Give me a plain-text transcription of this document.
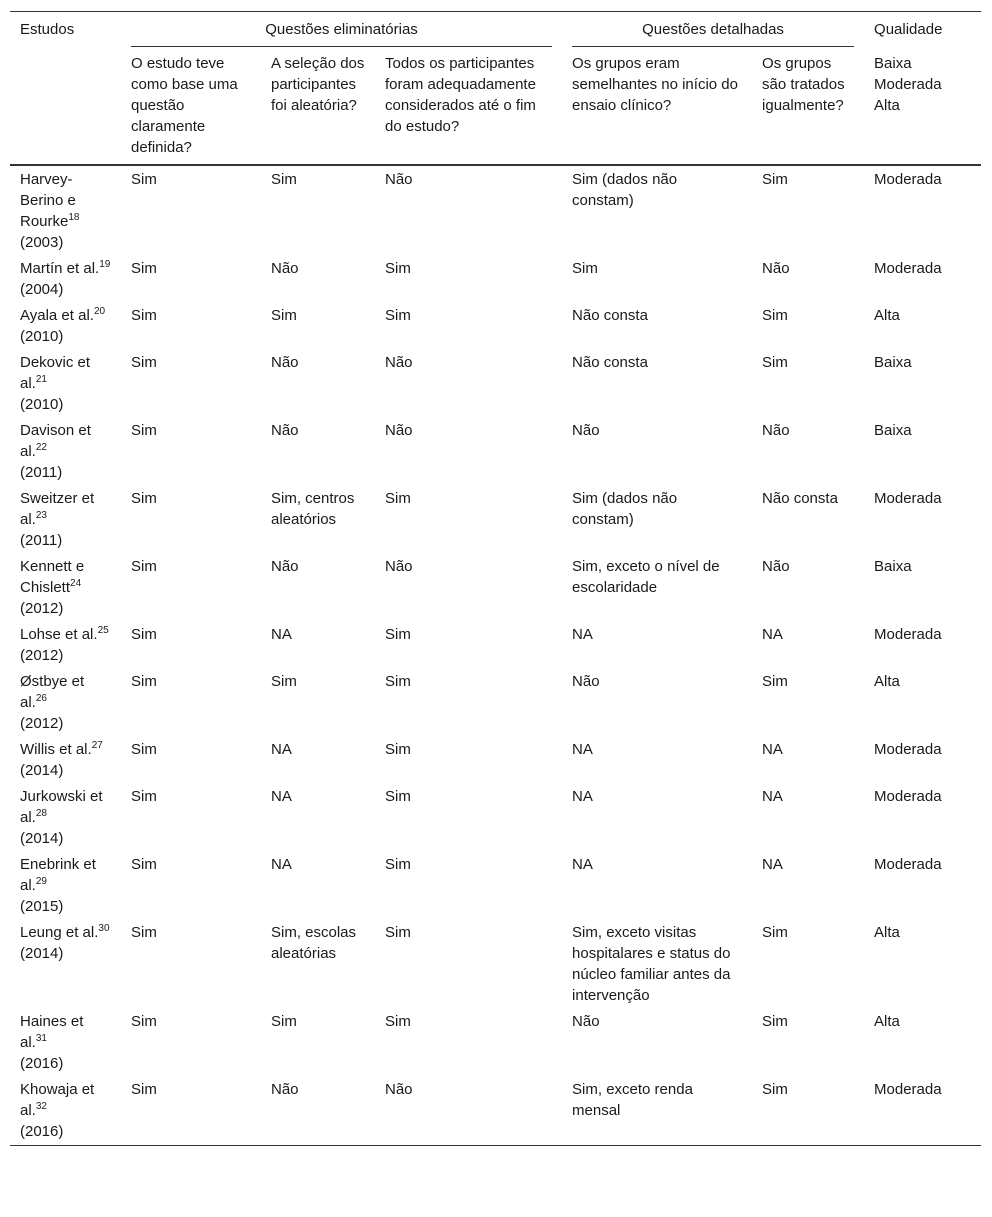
Estudos	Questões eliminatórias			Questões detalhadas		Qualidade
	O estudo teve como base uma questão claramente definida?	A seleção dos participantes foi aleatória?	Todos os participantes foram adequadamente considerados até o fim do estudo?	Os grupos eram semelhantes no início do ensaio clínico?	Os grupos são tratados igualmente?	Baixa
Moderada
Alta

Harvey-Berino e Rourke$^{18}$
(2003)	Sim	Sim	Não	Sim (dados não constam)	Sim	Moderada
Martín et al.$^{19}$
(2004)	Sim	Não	Sim	Sim	Não	Moderada
Ayala et al.$^{20}$
(2010)	Sim	Sim	Sim	Não consta	Sim	Alta
Dekovic et al.$^{21}$
(2010)	Sim	Não	Não	Não consta	Sim	Baixa
Davison et al.$^{22}$
(2011)	Sim	Não	Não	Não	Não	Baixa
Sweitzer et al.$^{23}$
(2011)	Sim	Sim, centros aleatórios	Sim	Sim (dados não constam)	Não consta	Moderada
Kennett e Chislett$^{24}$
(2012)	Sim	Não	Não	Sim, exceto o nível de escolaridade	Não	Baixa
Lohse et al.$^{25}$
(2012)	Sim	NA	Sim	NA	NA	Moderada
Østbye et al.$^{26}$
(2012)	Sim	Sim	Sim	Não	Sim	Alta
Willis et al.$^{27}$
(2014)	Sim	NA	Sim	NA	NA	Moderada
Jurkowski et al.$^{28}$
(2014)	Sim	NA	Sim	NA	NA	Moderada
Enebrink et al.$^{29}$
(2015)	Sim	NA	Sim	NA	NA	Moderada
Leung et al.$^{30}$
(2014)	Sim	Sim, escolas aleatórias	Sim	Sim, exceto visitas hospitalares e status do núcleo familiar antes da intervenção	Sim	Alta
Haines et al.$^{31}$
(2016)	Sim	Sim	Sim	Não	Sim	Alta
Khowaja et al.$^{32}$
(2016)	Sim	Não	Não	Sim, exceto renda mensal	Sim	Moderada
